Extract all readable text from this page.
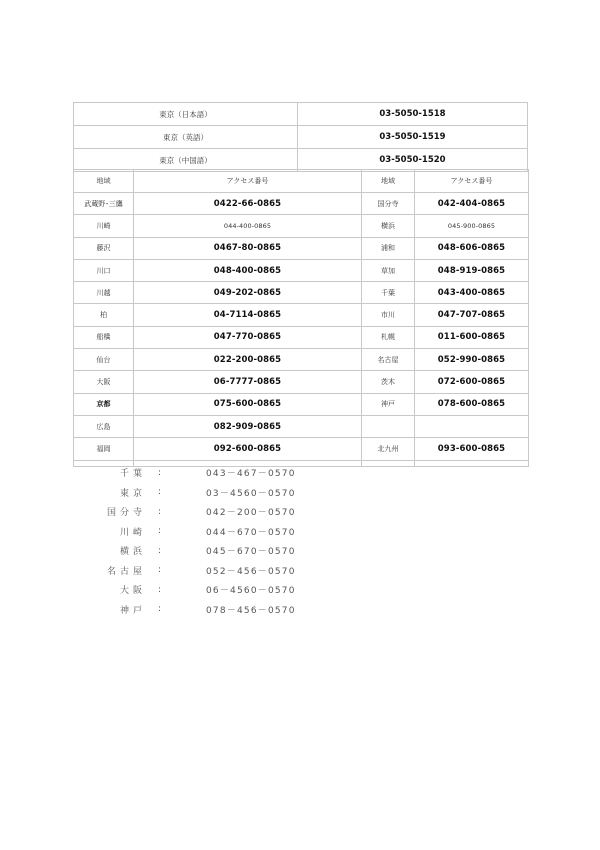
東京（日本語）	03-5050-1518
東京（英語）	03-5050-1519
東京（中国語）	03-5050-1520
地域	アクセス番号	地域	アクセス番号
武蔵野･三鷹	0422-66-0865	国分寺	042-404-0865
川崎	044-400-0865	横浜	045-900-0865
藤沢	0467-80-0865	浦和	048-606-0865
川口	048-400-0865	草加	048-919-0865
川越	049-202-0865	千葉	043-400-0865
柏	04-7114-0865	市川	047-707-0865
船橋	047-770-0865	札幌	011-600-0865
仙台	022-200-0865	名古屋	052-990-0865
大阪	06-7777-0865	茨木	072-600-0865
京都	075-600-0865	神戸	078-600-0865
広島	082-909-0865		
福岡	092-600-0865	北九州	093-600-0865

千葉	:	043－467－0570
東京	:	03－4560－0570
国分寺	:	042－200－0570
川崎	:	044－670－0570
横浜	:	045－670－0570
名古屋	:	052－456－0570
大阪	:	06－4560－0570
神戸	:	078－456－0570
